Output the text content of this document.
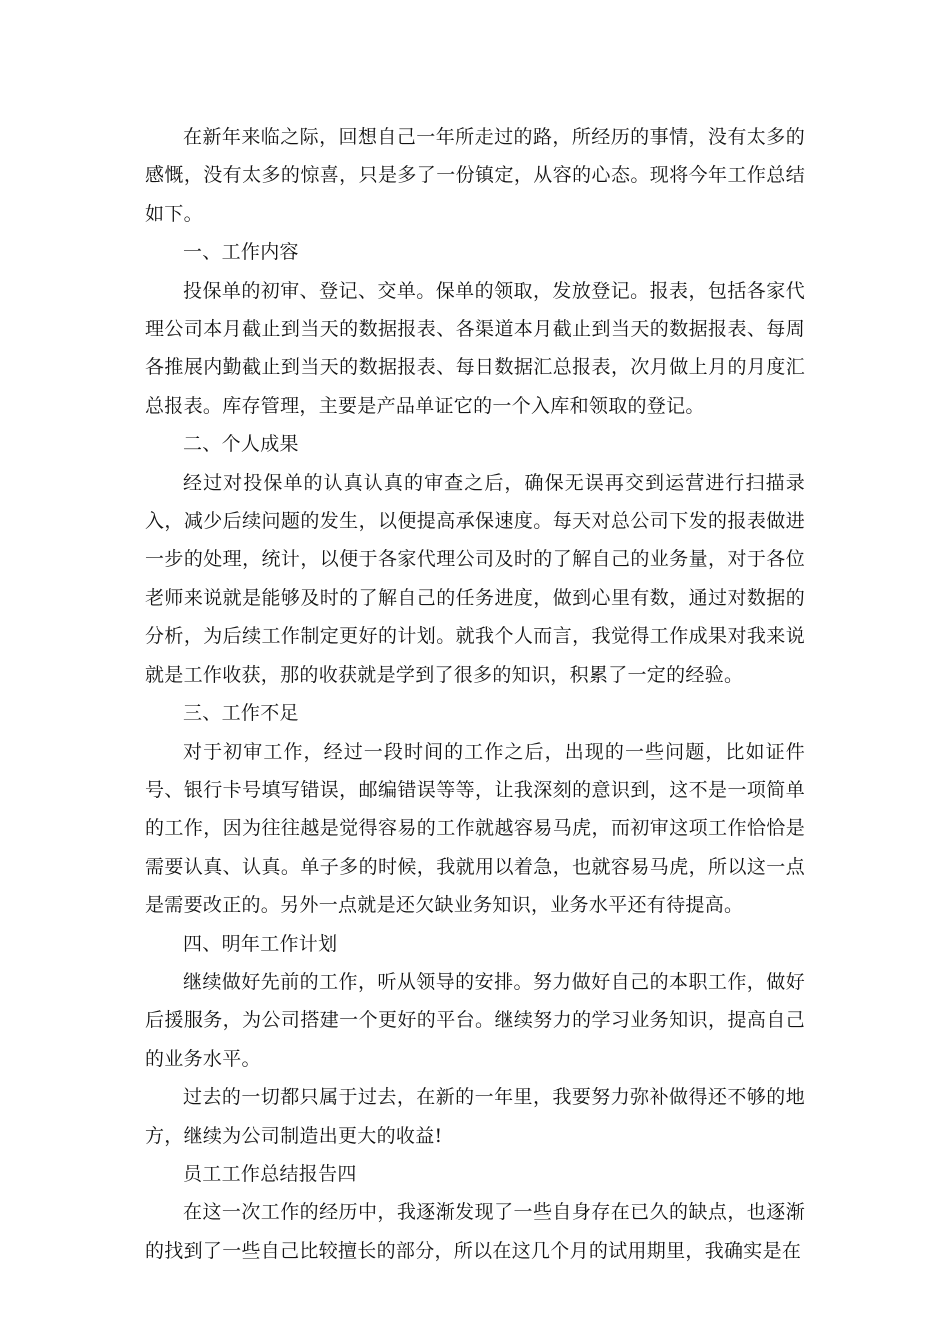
在新年来临之际，回想自己一年所走过的路，所经历的事情，没有太多的感慨，没有太多的惊喜，只是多了一份镇定，从容的心态。现将今年工作总结如下。

一、工作内容

投保单的初审、登记、交单。保单的领取，发放登记。报表，包括各家代理公司本月截止到当天的数据报表、各渠道本月截止到当天的数据报表、每周各推展内勤截止到当天的数据报表、每日数据汇总报表，次月做上月的月度汇总报表。库存管理，主要是产品单证它的一个入库和领取的登记。

二、个人成果

经过对投保单的认真认真的审查之后，确保无误再交到运营进行扫描录入，减少后续问题的发生，以便提高承保速度。每天对总公司下发的报表做进一步的处理，统计，以便于各家代理公司及时的了解自己的业务量，对于各位老师来说就是能够及时的了解自己的任务进度，做到心里有数，通过对数据的分析，为后续工作制定更好的计划。就我个人而言，我觉得工作成果对我来说就是工作收获，那的收获就是学到了很多的知识，积累了一定的经验。

三、工作不足

对于初审工作，经过一段时间的工作之后，出现的一些问题，比如证件号、银行卡号填写错误，邮编错误等等，让我深刻的意识到，这不是一项简单的工作，因为往往越是觉得容易的工作就越容易马虎，而初审这项工作恰恰是需要认真、认真。单子多的时候，我就用以着急，也就容易马虎，所以这一点是需要改正的。另外一点就是还欠缺业务知识，业务水平还有待提高。

四、明年工作计划

继续做好先前的工作，听从领导的安排。努力做好自己的本职工作，做好后援服务，为公司搭建一个更好的平台。继续努力的学习业务知识，提高自己的业务水平。

过去的一切都只属于过去，在新的一年里，我要努力弥补做得还不够的地方，继续为公司制造出更大的收益!

员工工作总结报告四

在这一次工作的经历中，我逐渐发现了一些自身存在已久的缺点，也逐渐的找到了一些自己比较擅长的部分，所以在这几个月的试用期里，我确实是在
